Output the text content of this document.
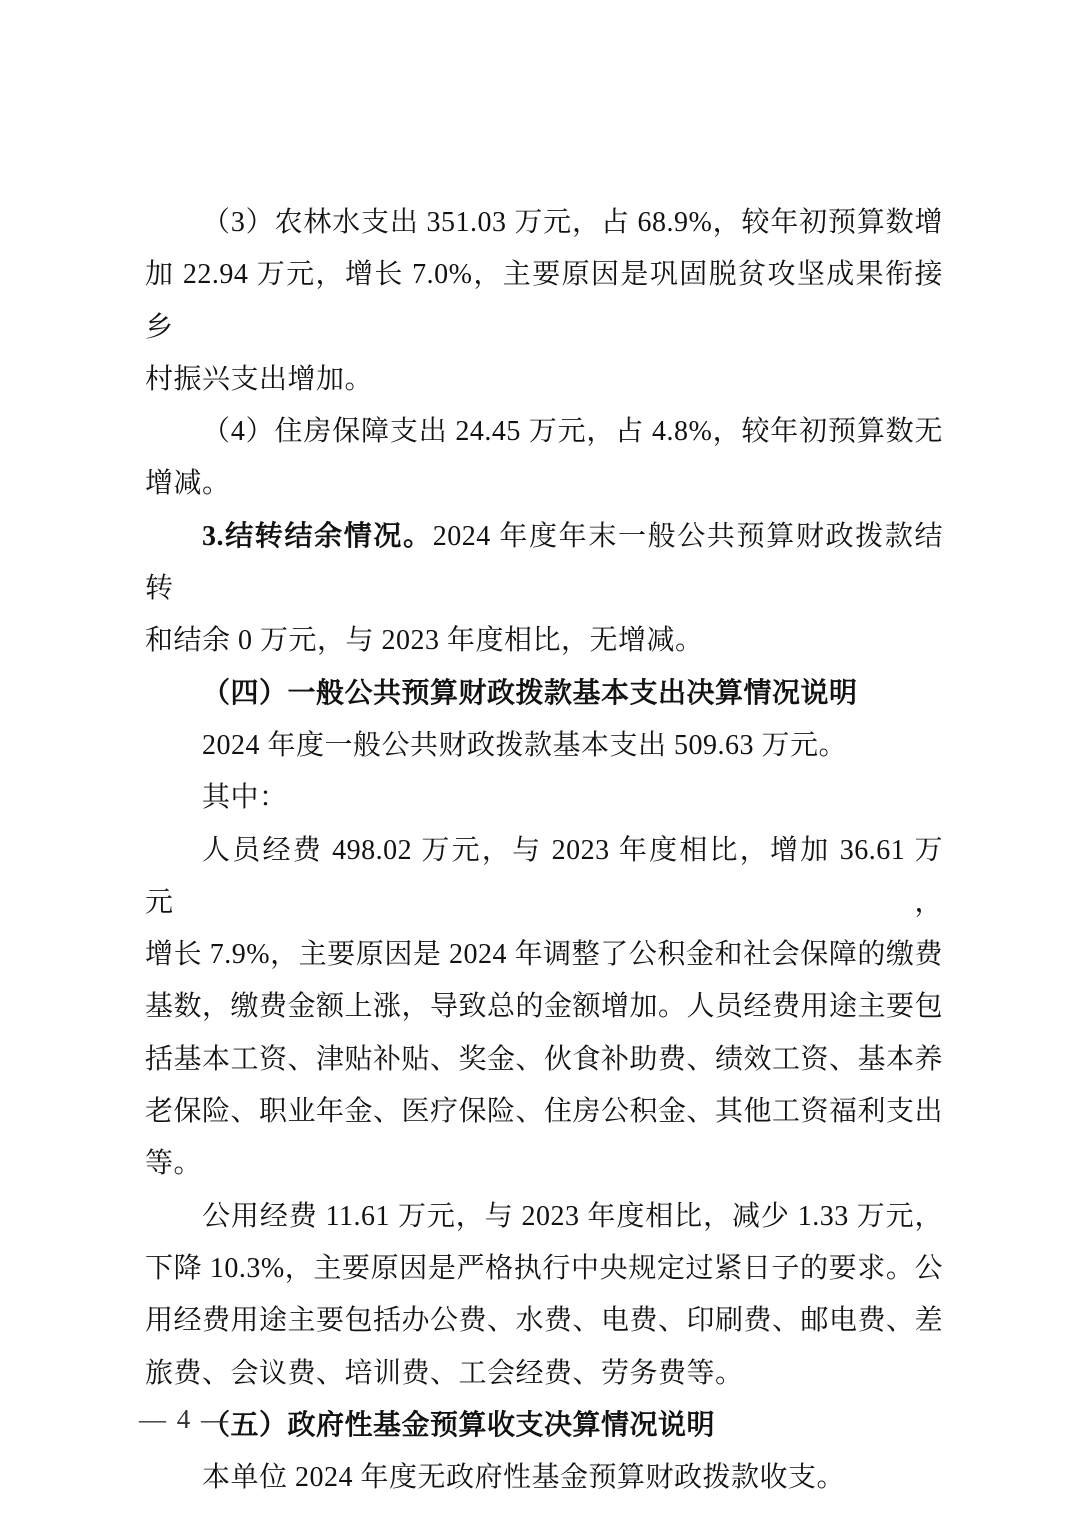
（3）农林水支出 351.03 万元，占 68.9%，较年初预算数增
加 22.94 万元，增长 7.0%，主要原因是巩固脱贫攻坚成果衔接乡
村振兴支出增加。
（4）住房保障支出 24.45 万元，占 4.8%，较年初预算数无
增减。
3.结转结余情况。2024 年度年末一般公共预算财政拨款结转
和结余 0 万元，与 2023 年度相比，无增减。
（四）一般公共预算财政拨款基本支出决算情况说明
2024 年度一般公共财政拨款基本支出 509.63 万元。
其中：
人员经费 498.02 万元，与 2023 年度相比，增加 36.61 万元，
增长 7.9%，主要原因是 2024 年调整了公积金和社会保障的缴费
基数，缴费金额上涨，导致总的金额增加。人员经费用途主要包
括基本工资、津贴补贴、奖金、伙食补助费、绩效工资、基本养
老保险、职业年金、医疗保险、住房公积金、其他工资福利支出
等。
公用经费 11.61 万元，与 2023 年度相比，减少 1.33 万元，
下降 10.3%，主要原因是严格执行中央规定过紧日子的要求。公
用经费用途主要包括办公费、水费、电费、印刷费、邮电费、差
旅费、会议费、培训费、工会经费、劳务费等。
（五）政府性基金预算收支决算情况说明
本单位 2024 年度无政府性基金预算财政拨款收支。
— 4 —
